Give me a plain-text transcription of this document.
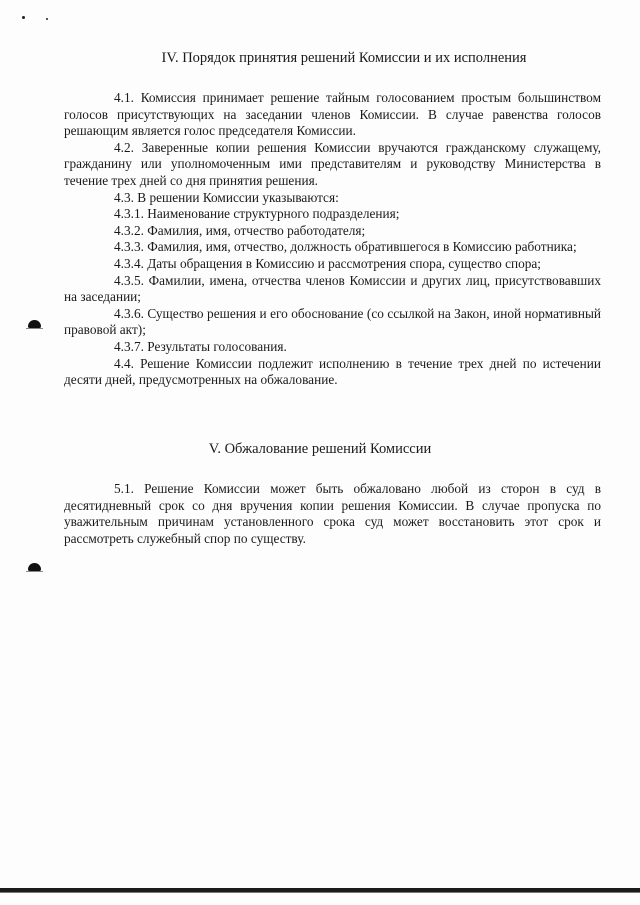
IV. Порядок принятия решений Комиссии и их исполнения

4.1. Комиссия принимает решение тайным голосованием простым большинством голосов присутствующих на заседании членов Комиссии. В случае равенства голосов решающим является голос председателя Комиссии.

4.2. Заверенные копии решения Комиссии вручаются гражданскому служащему, гражданину или уполномоченным ими представителям и руководству Министерства в течение трех дней со дня принятия решения.

4.3. В решении Комиссии указываются:

4.3.1. Наименование структурного подразделения;

4.3.2. Фамилия, имя, отчество работодателя;

4.3.3. Фамилия, имя, отчество, должность обратившегося в Комиссию работника;

4.3.4. Даты обращения в Комиссию и рассмотрения спора, существо спора;

4.3.5. Фамилии, имена, отчества членов Комиссии и других лиц, присутствовавших на заседании;

4.3.6. Существо решения и его обоснование (со ссылкой на Закон, иной нормативный правовой акт);

4.3.7. Результаты голосования.

4.4. Решение Комиссии подлежит исполнению в течение трех дней по истечении десяти дней, предусмотренных на обжалование.

V. Обжалование решений Комиссии

5.1. Решение Комиссии может быть обжаловано любой из сторон в суд в десятидневный срок со дня вручения копии решения Комиссии. В случае пропуска по уважительным причинам установленного срока суд может восстановить этот срок и рассмотреть служебный спор по существу.
